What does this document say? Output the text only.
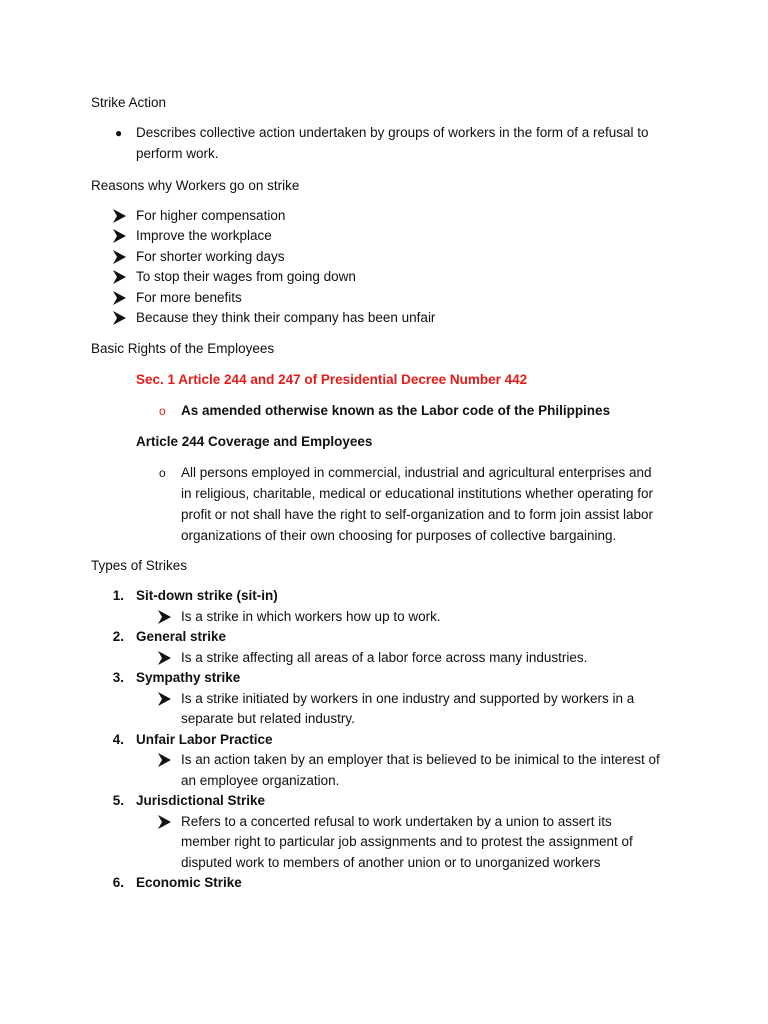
Strike Action
● Describes collective action undertaken by groups of workers in the form of a refusal to
perform work.
Reasons why Workers go on strike
For higher compensation
Improve the workplace
For shorter working days
To stop their wages from going down
For more benefits
Because they think their company has been unfair
Basic Rights of the Employees
Sec. 1 Article 244 and 247 of Presidential Decree Number 442
o As amended otherwise known as the Labor code of the Philippines
Article 244 Coverage and Employees
o All persons employed in commercial, industrial and agricultural enterprises and
in religious, charitable, medical or educational institutions whether operating for
profit or not shall have the right to self-organization and to form join assist labor
organizations of their own choosing for purposes of collective bargaining.
Types of Strikes
1. Sit-down strike (sit-in)
Is a strike in which workers how up to work.
2. General strike
Is a strike affecting all areas of a labor force across many industries.
3. Sympathy strike
Is a strike initiated by workers in one industry and supported by workers in a
separate but related industry.
4. Unfair Labor Practice
Is an action taken by an employer that is believed to be inimical to the interest of
an employee organization.
5. Jurisdictional Strike
Refers to a concerted refusal to work undertaken by a union to assert its
member right to particular job assignments and to protest the assignment of
disputed work to members of another union or to unorganized workers
6. Economic Strike
